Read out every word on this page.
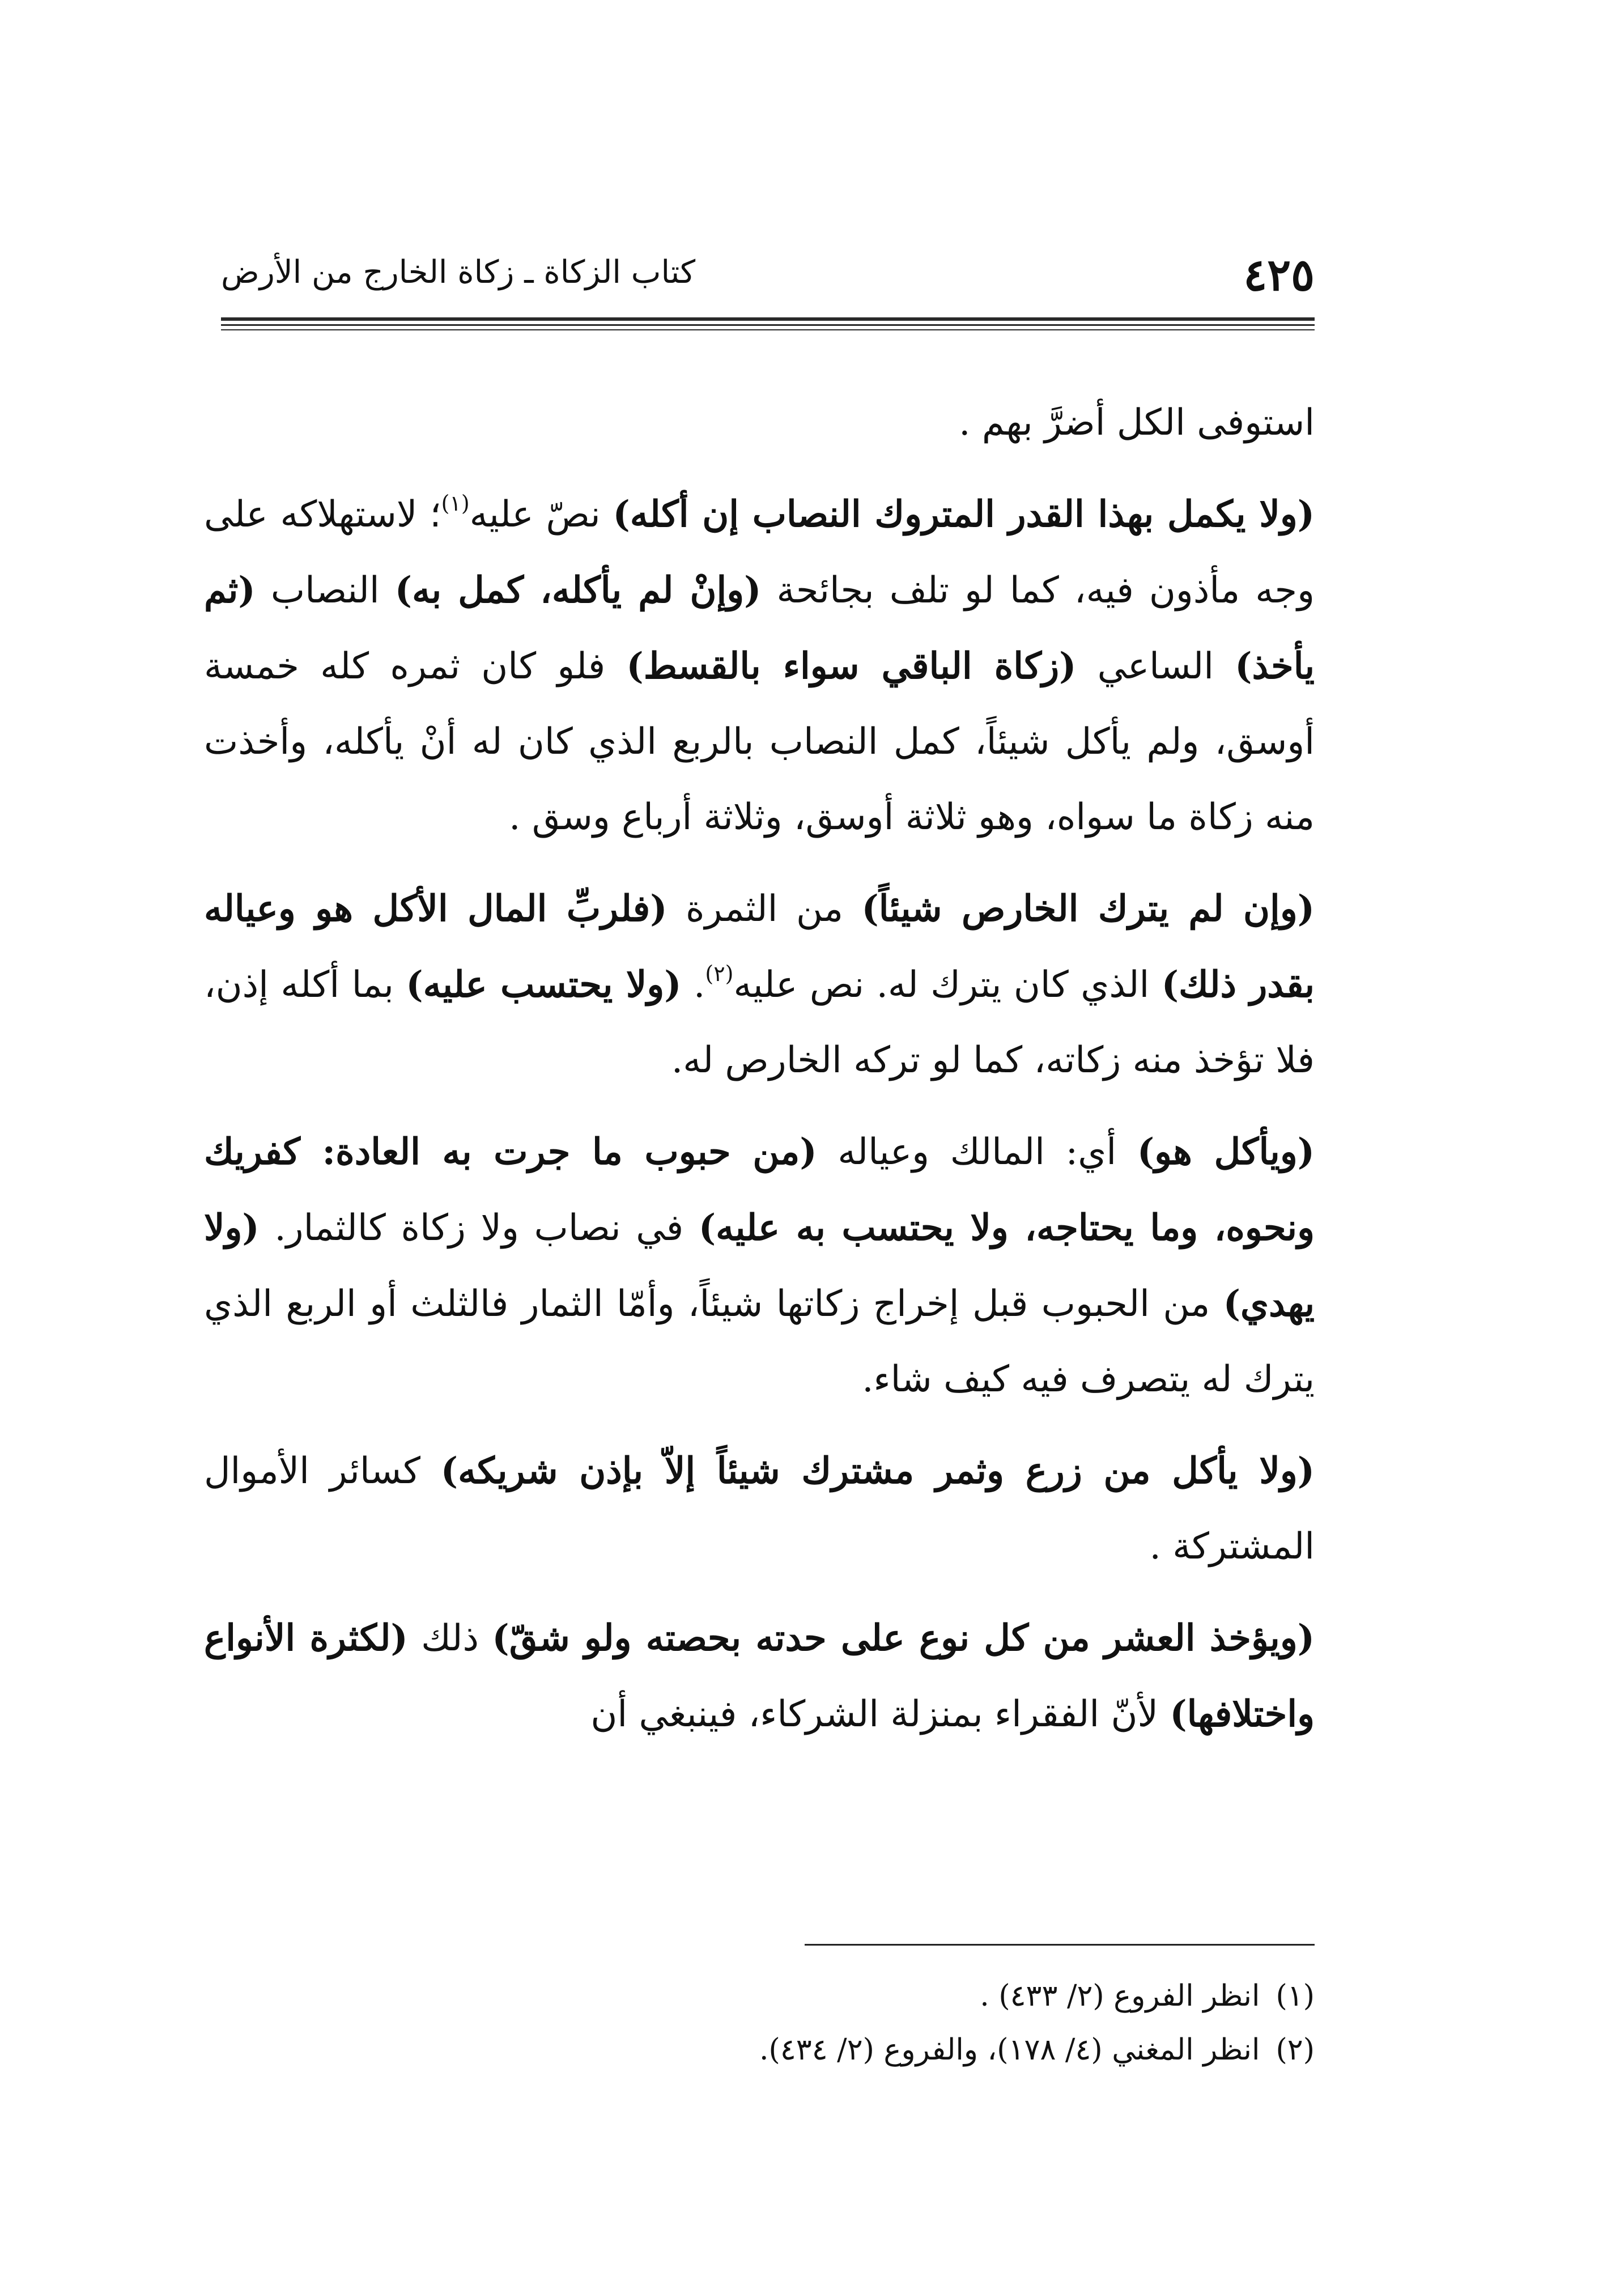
٤٢٥
كتاب الزكاة ـ زكاة الخارج من الأرض

استوفى الكل أضرَّ بهم .

(ولا يكمل بهذا القدر المتروك النصاب إن أكله) نصّ عليه$^{(١)}$؛ لاستهلاكه على وجه مأذون فيه، كما لو تلف بجائحة (وإنْ لم يأكله، كمل به) النصاب (ثم يأخذ) الساعي (زكاة الباقي سواء بالقسط) فلو كان ثمره كله خمسة أوسق، ولم يأكل شيئاً، كمل النصاب بالربع الذي كان له أنْ يأكله، وأخذت منه زكاة ما سواه، وهو ثلاثة أوسق، وثلاثة أرباع وسق .

(وإن لم يترك الخارص شيئاً) من الثمرة (فلربِّ المال الأكل هو وعياله بقدر ذلك) الذي كان يترك له. نص عليه$^{(٢)}$. (ولا يحتسب عليه) بما أكله إذن، فلا تؤخذ منه زكاته، كما لو تركه الخارص له.

(ويأكل هو) أي: المالك وعياله (من حبوب ما جرت به العادة: كفريك ونحوه، وما يحتاجه، ولا يحتسب به عليه) في نصاب ولا زكاة كالثمار. (ولا يهدي) من الحبوب قبل إخراج زكاتها شيئاً، وأمّا الثمار فالثلث أو الربع الذي يترك له يتصرف فيه كيف شاء.

(ولا يأكل من زرع وثمر مشترك شيئاً إلاّ بإذن شريكه) كسائر الأموال المشتركة .

(ويؤخذ العشر من كل نوع على حدته بحصته ولو شقّ) ذلك (لكثرة الأنواع واختلافها) لأنّ الفقراء بمنزلة الشركاء، فينبغي أن

(١)انظر الفروع (٢/ ٤٣٣) .

(٢)انظر المغني (٤/ ١٧٨)، والفروع (٢/ ٤٣٤).
